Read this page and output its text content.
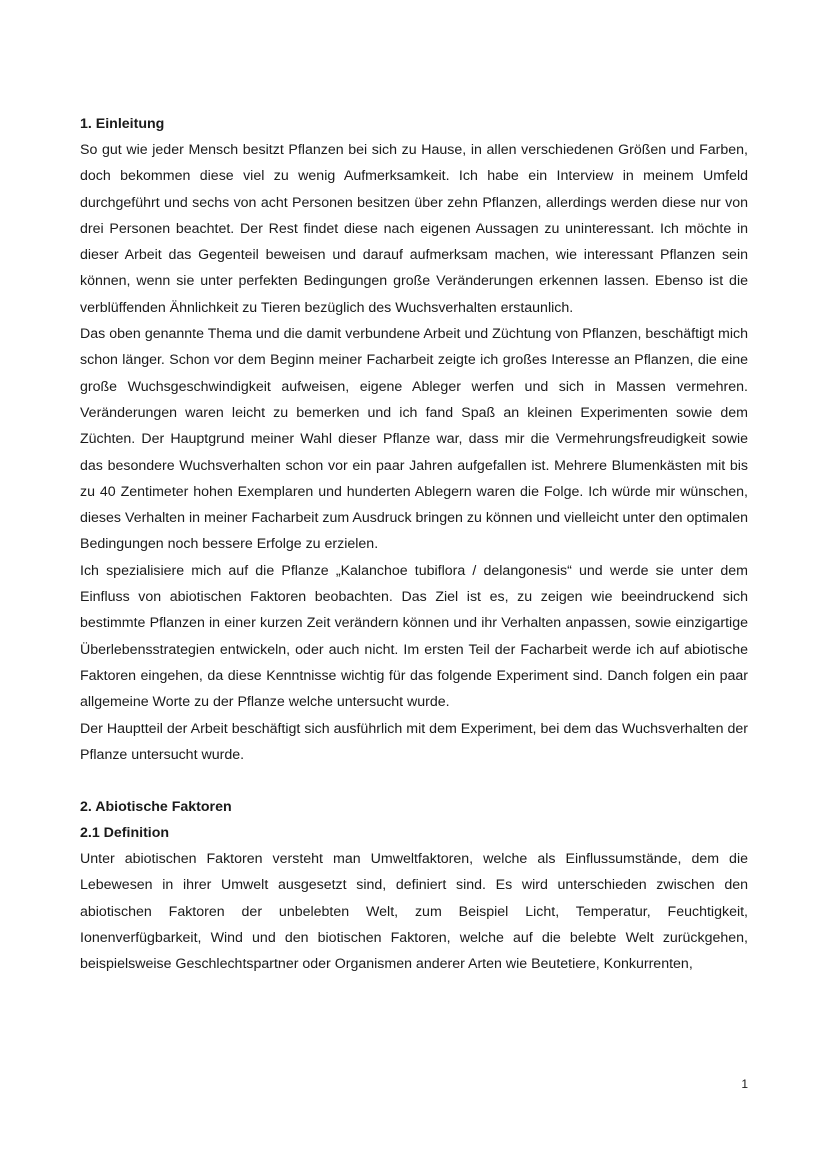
1. Einleitung

So gut wie jeder Mensch besitzt Pflanzen bei sich zu Hause, in allen verschiedenen Größen und Farben, doch bekommen diese viel zu wenig Aufmerksamkeit. Ich habe ein Interview in meinem Umfeld durchgeführt und sechs von acht Personen besitzen über zehn Pflanzen, allerdings werden diese nur von drei Personen beachtet. Der Rest findet diese nach eigenen Aussagen zu uninteressant. Ich möchte in dieser Arbeit das Gegenteil beweisen und darauf aufmerksam machen, wie interessant Pflanzen sein können, wenn sie unter perfekten Bedingungen große Veränderungen erkennen lassen. Ebenso ist die verblüffenden Ähnlichkeit zu Tieren bezüglich des Wuchsverhalten erstaunlich.

Das oben genannte Thema und die damit verbundene Arbeit und Züchtung von Pflanzen, beschäftigt mich schon länger. Schon vor dem Beginn meiner Facharbeit zeigte ich großes Interesse an Pflanzen, die eine große Wuchsgeschwindigkeit aufweisen, eigene Ableger werfen und sich in Massen vermehren. Veränderungen waren leicht zu bemerken und ich fand Spaß an kleinen Experimenten sowie dem Züchten. Der Hauptgrund meiner Wahl dieser Pflanze war, dass mir die Vermehrungsfreudigkeit sowie das besondere Wuchsverhalten schon vor ein paar Jahren aufgefallen ist. Mehrere Blumenkästen mit bis zu 40 Zentimeter hohen Exemplaren und hunderten Ablegern waren die Folge. Ich würde mir wünschen, dieses Verhalten in meiner Facharbeit zum Ausdruck bringen zu können und vielleicht unter den optimalen Bedingungen noch bessere Erfolge zu erzielen.

Ich spezialisiere mich auf die Pflanze „Kalanchoe tubiflora / delangonesis“ und werde sie unter dem Einfluss von abiotischen Faktoren beobachten. Das Ziel ist es, zu zeigen wie beeindruckend sich bestimmte Pflanzen in einer kurzen Zeit verändern können und ihr Verhalten anpassen, sowie einzigartige Überlebensstrategien entwickeln, oder auch nicht. Im ersten Teil der Facharbeit werde ich auf abiotische Faktoren eingehen, da diese Kenntnisse wichtig für das folgende Experiment sind. Danch folgen ein paar allgemeine Worte zu der Pflanze welche untersucht wurde.

Der Hauptteil der Arbeit beschäftigt sich ausführlich mit dem Experiment, bei dem das Wuchsverhalten der Pflanze untersucht wurde.

2. Abiotische Faktoren

2.1 Definition

Unter abiotischen Faktoren versteht man Umweltfaktoren, welche als Einflussumstände, dem die Lebewesen in ihrer Umwelt ausgesetzt sind, definiert sind. Es wird unterschieden zwischen den abiotischen Faktoren der unbelebten Welt, zum Beispiel Licht, Temperatur, Feuchtigkeit, Ionenverfügbarkeit, Wind und den biotischen Faktoren, welche auf die belebte Welt zurückgehen, beispielsweise Geschlechtspartner oder Organismen anderer Arten wie Beutetiere, Konkurrenten,

1
